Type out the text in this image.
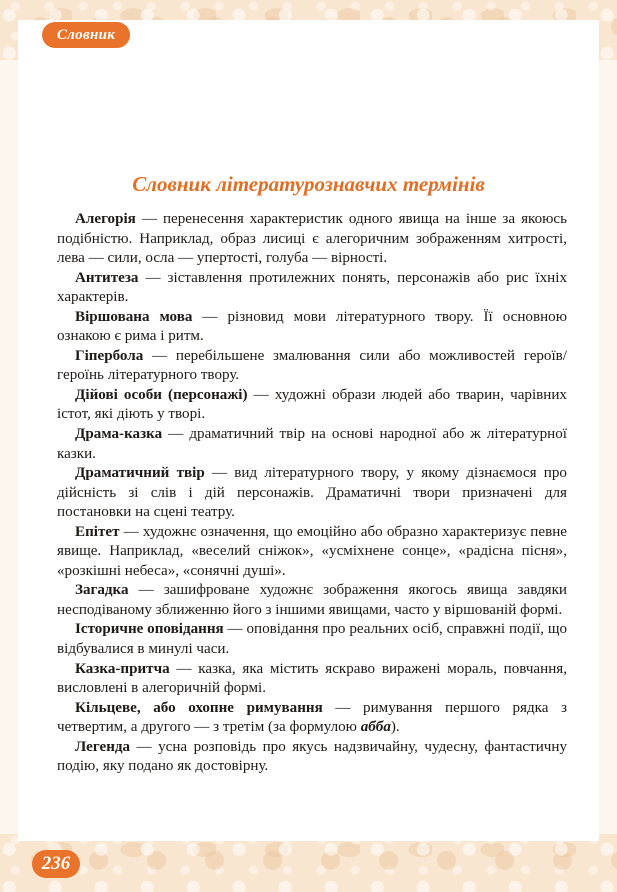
Словник
Словник літературознавчих термінів

Алегорія — перенесення характеристик одного явища на інше за якоюсь подібністю. Наприклад, образ лисиці є алегоричним зображенням хитрості, лева — сили, осла — упертості, голуба — вірності.

Антитеза — зіставлення протилежних понять, персонажів або рис їхніх характерів.

Віршована мова — різновид мови літературного твору. Її основною ознакою є рима і ритм.

Гіпербола — перебільшене змалювання сили або можливостей героїв/героїнь літературного твору.

Дійові особи (персонажі) — художні образи людей або тварин, чарівних істот, які діють у творі.

Драма-казка — драматичний твір на основі народної або ж літературної казки.

Драматичний твір — вид літературного твору, у якому дізнаємося про дійсність зі слів і дій персонажів. Драматичні твори призначені для постановки на сцені театру.

Епітет — художнє означення, що емоційно або образно характеризує певне явище. Наприклад, «веселий сніжок», «усміхнене сонце», «радісна пісня», «розкішні небеса», «сонячні душі».

Загадка — зашифроване художнє зображення якогось явища завдяки несподіваному зближенню його з іншими явищами, часто у віршованій формі.

Історичне оповідання — оповідання про реальних осіб, справжні події, що відбувалися в минулі часи.

Казка-притча — казка, яка містить яскраво виражені мораль, повчання, висловлені в алегоричній формі.

Кільцеве, або охопне римування — римування першого рядка з четвертим, а другого — з третім (за формулою абба).

Легенда — усна розповідь про якусь надзвичайну, чудесну, фантастичну подію, яку подано як достовірну.

236
